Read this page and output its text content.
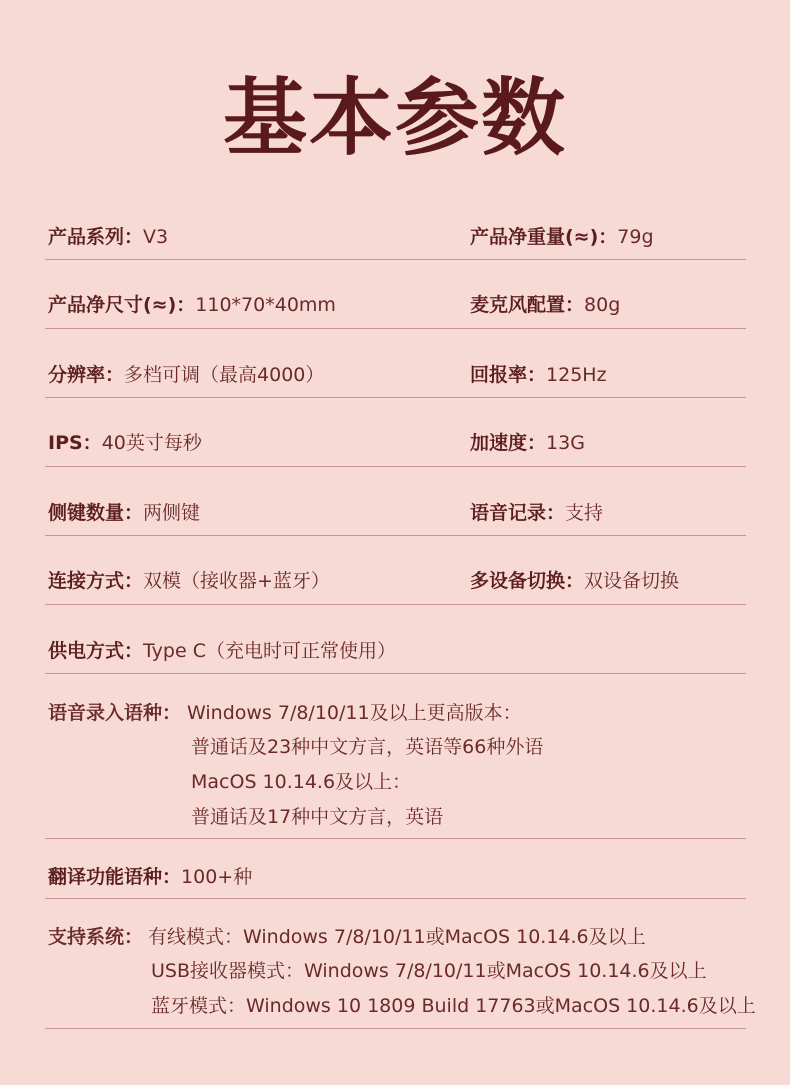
基本参数
产品系列：V3	产品净重量(≈)：79g
产品净尺寸(≈)：110*70*40mm	麦克风配置：80g
分辨率：多档可调（最高4000）	回报率：125Hz
IPS：40英寸每秒	加速度：13G
侧键数量：两侧键	语音记录：支持
连接方式：双模（接收器+蓝牙）	多设备切换：双设备切换
供电方式：Type C（充电时可正常使用）
语音录入语种： Windows 7/8/10/11及以上更高版本：
普通话及23种中文方言，英语等66种外语
MacOS 10.14.6及以上：
普通话及17种中文方言，英语
翻译功能语种：100+种
支持系统： 有线模式：Windows 7/8/10/11或MacOS 10.14.6及以上
USB接收器模式：Windows 7/8/10/11或MacOS 10.14.6及以上
蓝牙模式：Windows 10 1809 Build 17763或MacOS 10.14.6及以上
